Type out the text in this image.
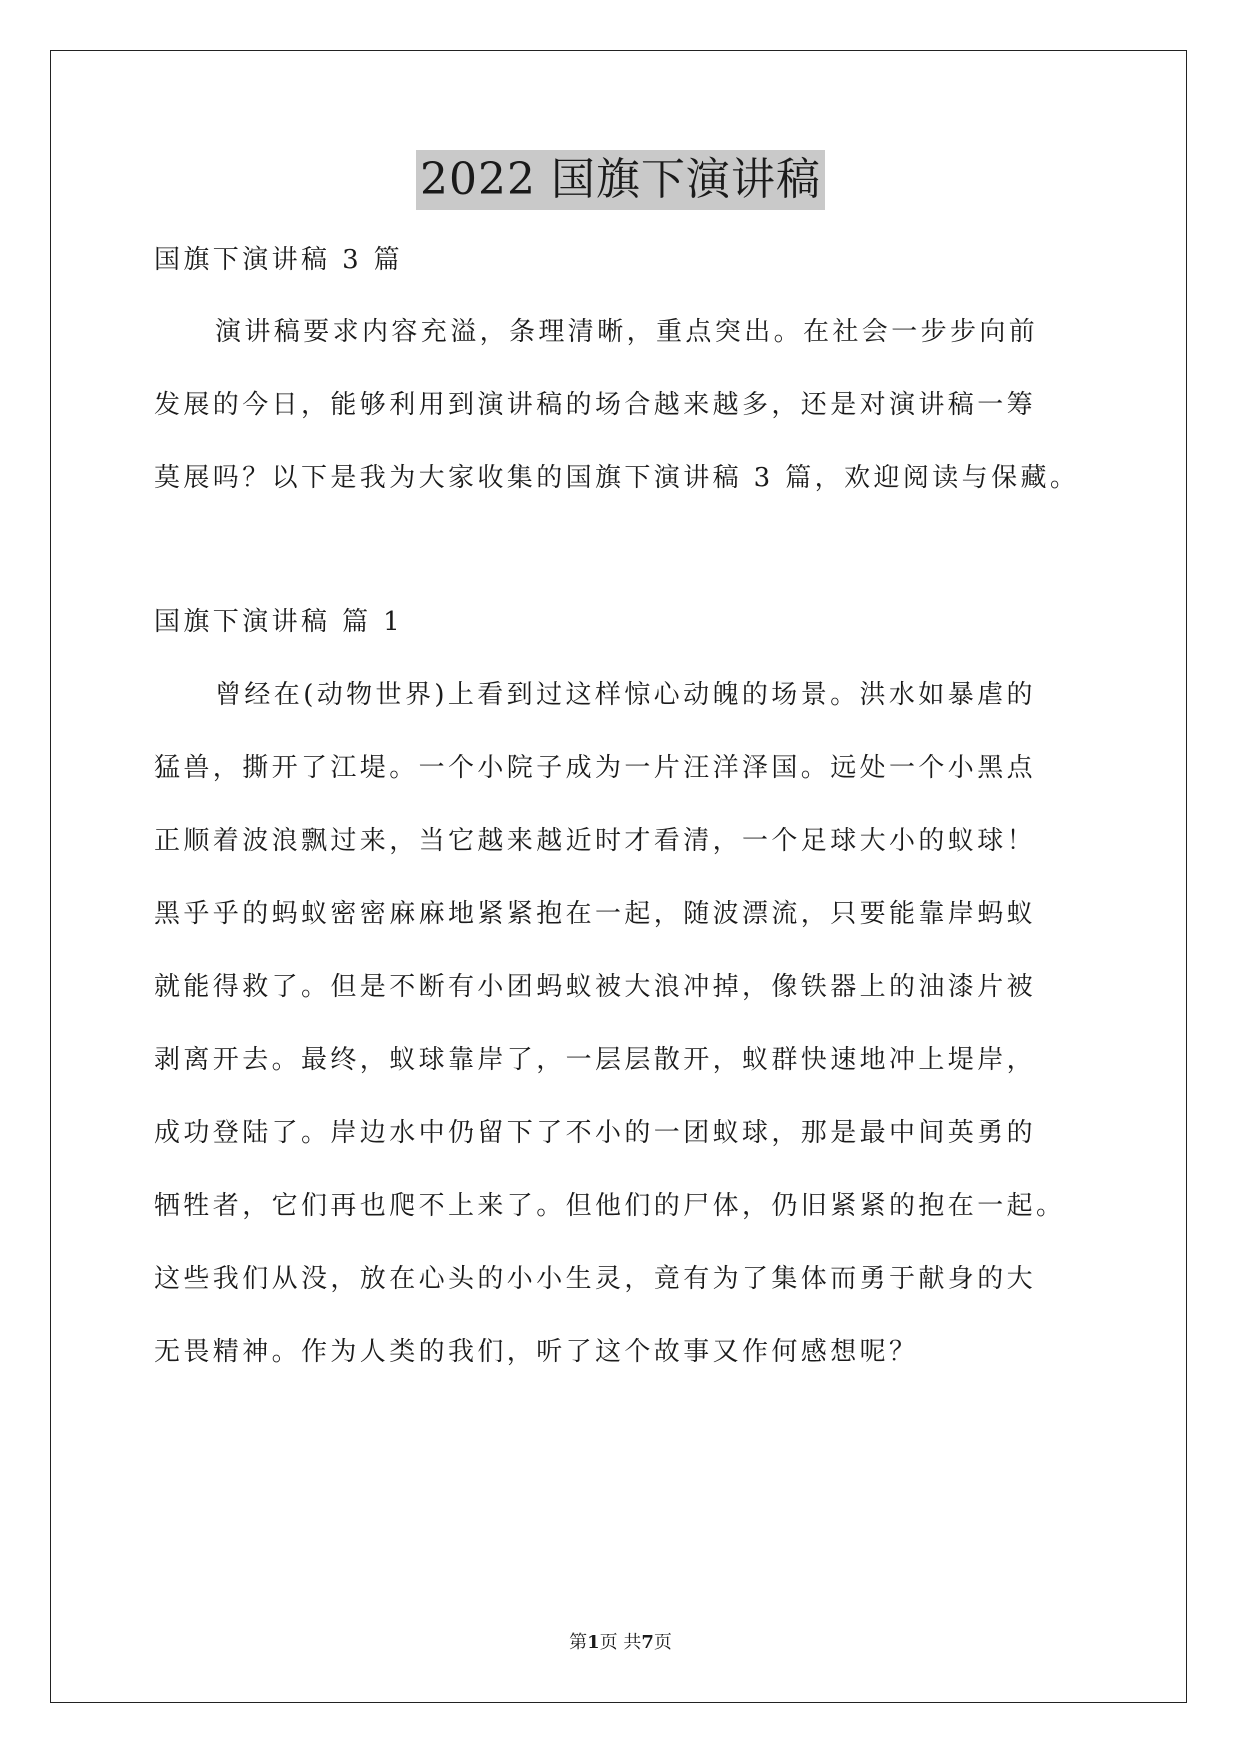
2022 国旗下演讲稿
国旗下演讲稿 3 篇
演讲稿要求内容充溢，条理清晰，重点突出。在社会一步步向前
发展的今日，能够利用到演讲稿的场合越来越多，还是对演讲稿一筹
莫展吗？以下是我为大家收集的国旗下演讲稿 3 篇，欢迎阅读与保藏。
国旗下演讲稿 篇 1
曾经在(动物世界)上看到过这样惊心动魄的场景。洪水如暴虐的
猛兽，撕开了江堤。一个小院子成为一片汪洋泽国。远处一个小黑点
正顺着波浪飘过来，当它越来越近时才看清，一个足球大小的蚁球！
黑乎乎的蚂蚁密密麻麻地紧紧抱在一起，随波漂流，只要能靠岸蚂蚁
就能得救了。但是不断有小团蚂蚁被大浪冲掉，像铁器上的油漆片被
剥离开去。最终，蚁球靠岸了，一层层散开，蚁群快速地冲上堤岸，
成功登陆了。岸边水中仍留下了不小的一团蚁球，那是最中间英勇的
牺牲者，它们再也爬不上来了。但他们的尸体，仍旧紧紧的抱在一起。
这些我们从没，放在心头的小小生灵，竟有为了集体而勇于献身的大
无畏精神。作为人类的我们，听了这个故事又作何感想呢？
第1页 共7页
